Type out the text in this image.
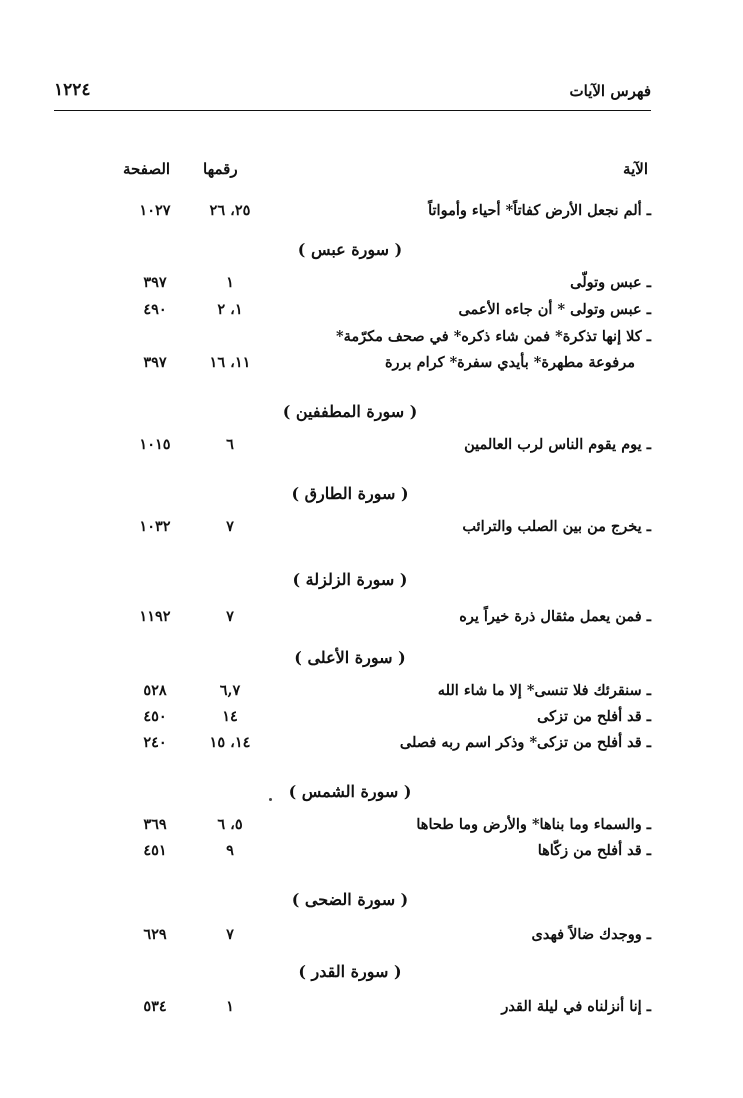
فهرس الآيات
١٢٢٤
الآية
رقمها
الصفحة
ـ ألم نجعل الأرض كفاتاً* أحياء وأمواتاً
٢٥، ٢٦
١٠٢٧
( سورة عبس )
ـ عبس وتولّى
١
٣٩٧
ـ عبس وتولى * أن جاءه الأعمى
١، ٢
٤٩٠
ـ كلا إنها تذكرة* فمن شاء ذكره* في صحف مكرّمة*
مرفوعة مطهرة* بأيدي سفرة* كرام بررة
١١، ١٦
٣٩٧
( سورة المطففين )
ـ يوم يقوم الناس لرب العالمين
٦
١٠١٥
( سورة الطارق )
ـ يخرج من بين الصلب والترائب
٧
١٠٣٢
( سورة الزلزلة )
ـ فمن يعمل مثقال ذرة خيراً يره
٧
١١٩٢
( سورة الأعلى )
ـ سنقرئك فلا تنسى* إلا ما شاء الله
٦,٧
٥٢٨
ـ قد أفلح من تزكى
١٤
٤٥٠
ـ قد أفلح من تزكى* وذكر اسم ربه فصلى
١٤، ١٥
٢٤٠
( سورة الشمس )
ـ والسماء وما بناها* والأرض وما طحاها
٥، ٦
٣٦٩
ـ قد أفلح من زكّاها
٩
٤٥١
( سورة الضحى )
ـ ووجدك ضالاً فهدى
٧
٦٢٩
( سورة القدر )
ـ إنا أنزلناه في ليلة القدر
١
٥٣٤
